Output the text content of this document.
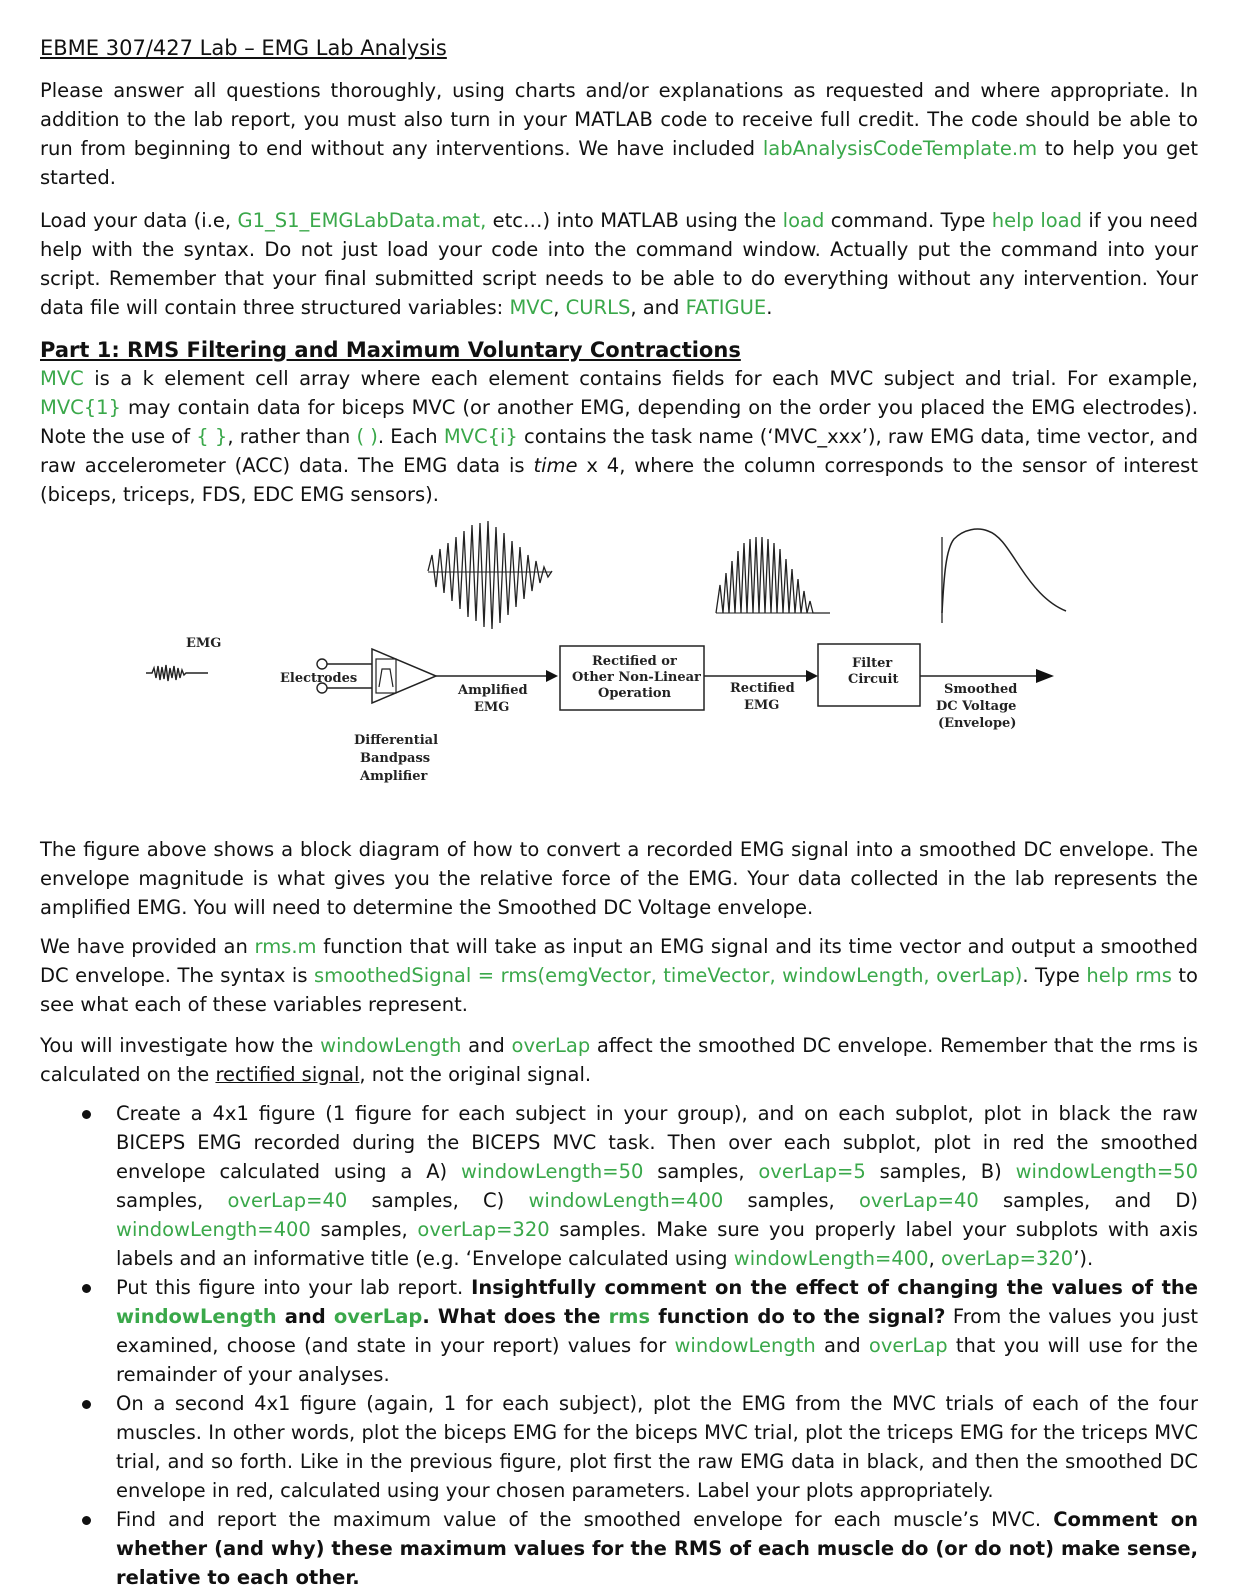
EBME 307/427 Lab – EMG Lab Analysis

Please answer all questions thoroughly, using charts and/or explanations as requested and where appropriate. In addition to the lab report, you must also turn in your MATLAB code to receive full credit. The code should be able to run from beginning to end without any interventions. We have included labAnalysisCodeTemplate.m to help you get started.

Load your data (i.e, G1_S1_EMGLabData.mat, etc…) into MATLAB using the load command. Type help load if you need help with the syntax. Do not just load your code into the command window. Actually put the command into your script. Remember that your final submitted script needs to be able to do everything without any intervention. Your data file will contain three structured variables: MVC, CURLS, and FATIGUE.

Part 1: RMS Filtering and Maximum Voluntary Contractions

MVC is a k element cell array where each element contains fields for each MVC subject and trial. For example, MVC{1} may contain data for biceps MVC (or another EMG, depending on the order you placed the EMG electrodes). Note the use of { }, rather than ( ). Each MVC{i} contains the task name (‘MVC_xxx’), raw EMG data, time vector, and raw accelerometer (ACC) data. The EMG data is time x 4, where the column corresponds to the sensor of interest (biceps, triceps, FDS, EDC EMG sensors).

EMG
Electrodes
Differential
Bandpass
Amplifier
Amplified
EMG
Rectified or
Other Non-Linear
Operation	Rectified
EMG
Filter
Circuit
Smoothed
DC Voltage
(Envelope)

The figure above shows a block diagram of how to convert a recorded EMG signal into a smoothed DC envelope. The envelope magnitude is what gives you the relative force of the EMG. Your data collected in the lab represents the amplified EMG. You will need to determine the Smoothed DC Voltage envelope.

We have provided an rms.m function that will take as input an EMG signal and its time vector and output a smoothed DC envelope. The syntax is smoothedSignal = rms(emgVector, timeVector, windowLength, overLap). Type help rms to see what each of these variables represent.

You will investigate how the windowLength and overLap affect the smoothed DC envelope. Remember that the rms is calculated on the rectified signal, not the original signal.

Create a 4x1 figure (1 figure for each subject in your group), and on each subplot, plot in black the raw BICEPS EMG recorded during the BICEPS MVC task. Then over each subplot, plot in red the smoothed envelope calculated using a A) windowLength=50 samples, overLap=5 samples, B) windowLength=50 samples, overLap=40 samples, C) windowLength=400 samples, overLap=40 samples, and D) windowLength=400 samples, overLap=320 samples. Make sure you properly label your subplots with axis labels and an informative title (e.g. ‘Envelope calculated using windowLength=400, overLap=320’).
Put this figure into your lab report. Insightfully comment on the effect of changing the values of the windowLength and overLap. What does the rms function do to the signal? From the values you just examined, choose (and state in your report) values for windowLength and overLap that you will use for the remainder of your analyses.
On a second 4x1 figure (again, 1 for each subject), plot the EMG from the MVC trials of each of the four muscles. In other words, plot the biceps EMG for the biceps MVC trial, plot the triceps EMG for the triceps MVC trial, and so forth. Like in the previous figure, plot first the raw EMG data in black, and then the smoothed DC envelope in red, calculated using your chosen parameters. Label your plots appropriately.
Find and report the maximum value of the smoothed envelope for each muscle’s MVC. Comment on whether (and why) these maximum values for the RMS of each muscle do (or do not) make sense, relative to each other.
